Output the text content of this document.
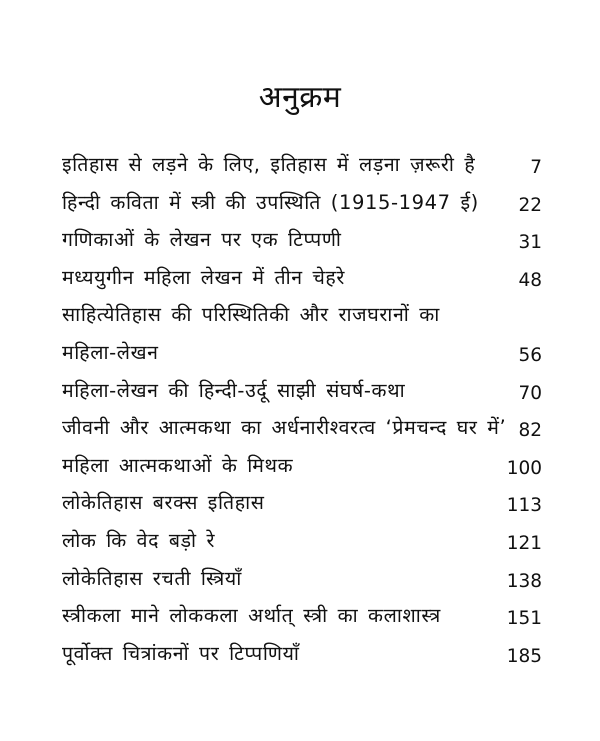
अनुक्रम
इतिहास से लड़ने के लिए, इतिहास में लड़ना ज़रूरी है	7
हिन्दी कविता में स्त्री की उपस्थिति (1915-1947 ई) 22
गणिकाओं के लेखन पर एक टिप्पणी	31
मध्ययुगीन महिला लेखन में तीन चेहरे	48
साहित्येतिहास की परिस्थितिकी और राजघरानों का
महिला-लेखन	56
महिला-लेखन की हिन्दी-उर्दू साझी संघर्ष-कथा	70
जीवनी और आत्मकथा का अर्धनारीश्वरत्व ‘प्रेमचन्द घर में’ 82
महिला आत्मकथाओं के मिथक	100
लोकेतिहास बरक्स इतिहास	113
लोक कि वेद बड़ो रे	121
लोकेतिहास रचती स्त्रियाँ	138
स्त्रीकला माने लोककला अर्थात् स्त्री का कलाशास्त्र	151
पूर्वोक्त चित्रांकनों पर टिप्पणियाँ	185
